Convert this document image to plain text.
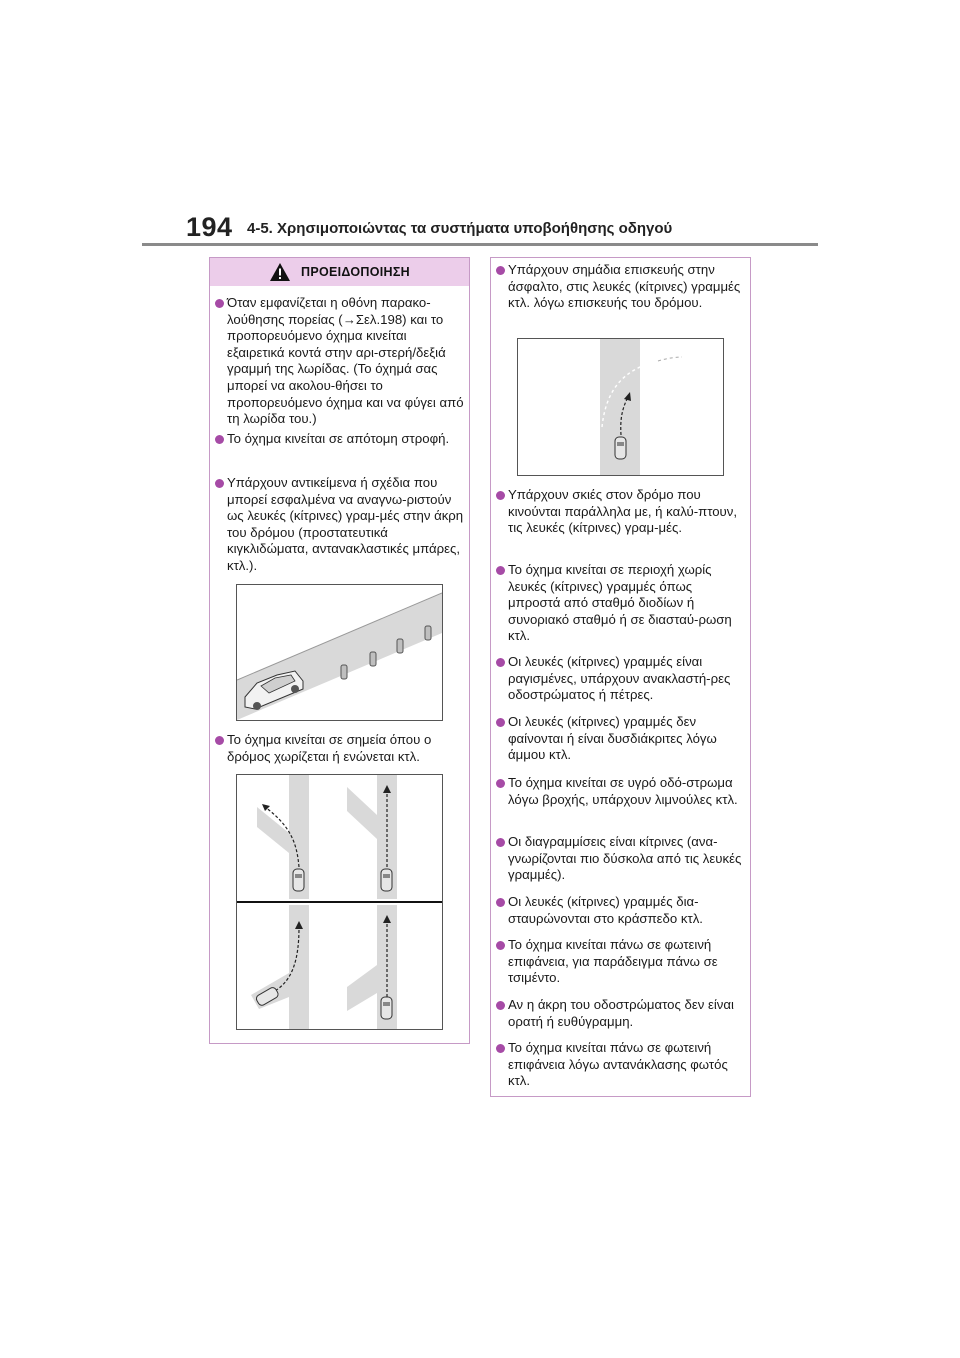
194 4-5. Χρησιμοποιώντας τα συστήματα υποβοήθησης οδηγού
ΠΡΟΕΙΔΟΠΟΙΗΣΗ
Όταν εμφανίζεται η οθόνη παρακο-λούθησης πορείας (→Σελ.198) και το προπορευόμενο όχημα κινείται εξαιρετικά κοντά στην αρι-στερή/δεξιά γραμμή της λωρίδας. (Το όχημά σας μπορεί να ακολου-θήσει το προπορευόμενο όχημα και να φύγει από τη λωρίδα του.)
Το όχημα κινείται σε απότομη στροφή.
Υπάρχουν αντικείμενα ή σχέδια που μπορεί εσφαλμένα να αναγνω-ριστούν ως λευκές (κίτρινες) γραμ-μές στην άκρη του δρόμου (προστατευτικά κιγκλιδώματα, αντανακλαστικές μπάρες, κτλ.).
Το όχημα κινείται σε σημεία όπου ο δρόμος χωρίζεται ή ενώνεται κτλ.
Υπάρχουν σημάδια επισκευής στην άσφαλτο, στις λευκές (κίτρινες) γραμμές κτλ. λόγω επισκευής του δρόμου.
Υπάρχουν σκιές στον δρόμο που κινούνται παράλληλα με, ή καλύ-πτουν, τις λευκές (κίτρινες) γραμ-μές.
Το όχημα κινείται σε περιοχή χωρίς λευκές (κίτρινες) γραμμές όπως μπροστά από σταθμό διοδίων ή συνοριακό σταθμό ή σε διασταύ-ρωση κτλ.
Οι λευκές (κίτρινες) γραμμές είναι ραγισμένες, υπάρχουν ανακλαστή-ρες οδοστρώματος ή πέτρες.
Οι λευκές (κίτρινες) γραμμές δεν φαίνονται ή είναι δυσδιάκριτες λόγω άμμου κτλ.
Το όχημα κινείται σε υγρό οδό-στρωμα λόγω βροχής, υπάρχουν λιμνούλες κτλ.
Οι διαγραμμίσεις είναι κίτρινες (ανα-γνωρίζονται πιο δύσκολα από τις λευκές γραμμές).
Οι λευκές (κίτρινες) γραμμές δια-σταυρώνονται στο κράσπεδο κτλ.
Το όχημα κινείται πάνω σε φωτεινή επιφάνεια, για παράδειγμα πάνω σε τσιμέντο.
Αν η άκρη του οδοστρώματος δεν είναι ορατή ή ευθύγραμμη.
Το όχημα κινείται πάνω σε φωτεινή επιφάνεια λόγω αντανάκλασης φωτός κτλ.
